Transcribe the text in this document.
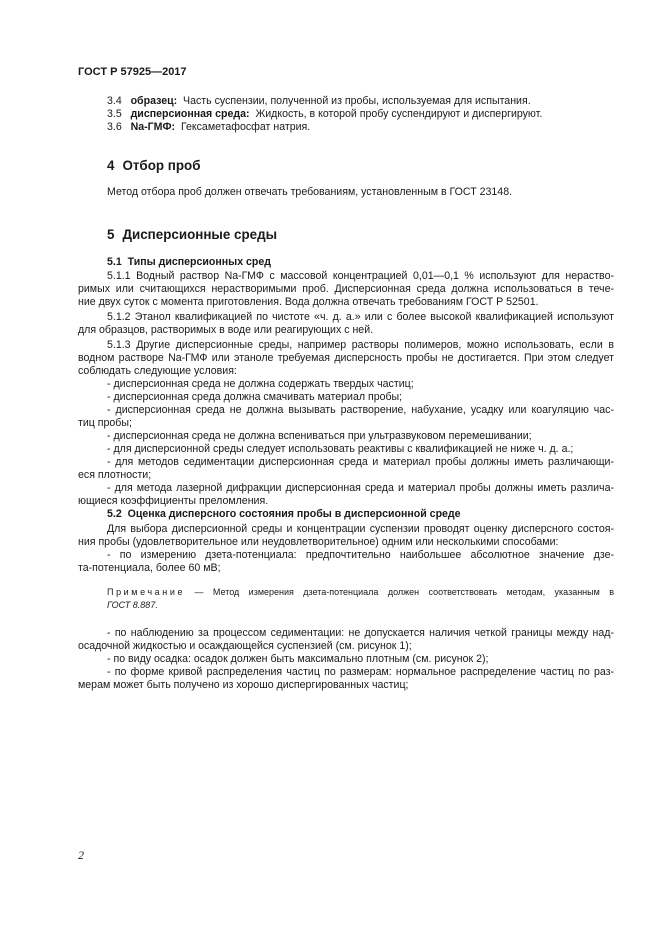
ГОСТ Р 57925—2017
3.4 образец: Часть суспензии, полученной из пробы, используемая для испытания.
3.5 дисперсионная среда: Жидкость, в которой пробу суспендируют и диспергируют.
3.6 Na-ГМФ: Гексаметафосфат натрия.
4 Отбор проб
Метод отбора проб должен отвечать требованиям, установленным в ГОСТ 23148.
5 Дисперсионные среды
5.1 Типы дисперсионных сред
5.1.1 Водный раствор Na-ГМФ с массовой концентрацией 0,01—0,1 % используют для нераство-
римых или считающихся нерастворимыми проб. Дисперсионная среда должна использоваться в тече-
ние двух суток с момента приготовления. Вода должна отвечать требованиям ГОСТ Р 52501.
5.1.2 Этанол квалификацией по чистоте «ч. д. а.» или с более высокой квалификацией используют
для образцов, растворимых в воде или реагирующих с ней.
5.1.3 Другие дисперсионные среды, например растворы полимеров, можно использовать, если в
водном растворе Na-ГМФ или этаноле требуемая дисперсность пробы не достигается. При этом следует
соблюдать следующие условия:
- дисперсионная среда не должна содержать твердых частиц;
- дисперсионная среда должна смачивать материал пробы;
- дисперсионная среда не должна вызывать растворение, набухание, усадку или коагуляцию час-
тиц пробы;
- дисперсионная среда не должна вспениваться при ультразвуковом перемешивании;
- для дисперсионной среды следует использовать реактивы с квалификацией не ниже ч. д. а.;
- для методов седиментации дисперсионная среда и материал пробы должны иметь различающи-
еся плотности;
- для метода лазерной дифракции дисперсионная среда и материал пробы должны иметь различа-
ющиеся коэффициенты преломления.
5.2 Оценка дисперсного состояния пробы в дисперсионной среде
Для выбора дисперсионной среды и концентрации суспензии проводят оценку дисперсного состоя-
ния пробы (удовлетворительное или неудовлетворительное) одним или несколькими способами:
- по измерению дзета-потенциала: предпочтительно наибольшее абсолютное значение дзе-
та-потенциала, более 60 мВ;
Примечание — Метод измерения дзета-потенциала должен соответствовать методам, указанным в
ГОСТ 8.887.
- по наблюдению за процессом седиментации: не допускается наличия четкой границы между над-
осадочной жидкостью и осаждающейся суспензией (см. рисунок 1);
- по виду осадка: осадок должен быть максимально плотным (см. рисунок 2);
- по форме кривой распределения частиц по размерам: нормальное распределение частиц по раз-
мерам может быть получено из хорошо диспергированных частиц;
2
